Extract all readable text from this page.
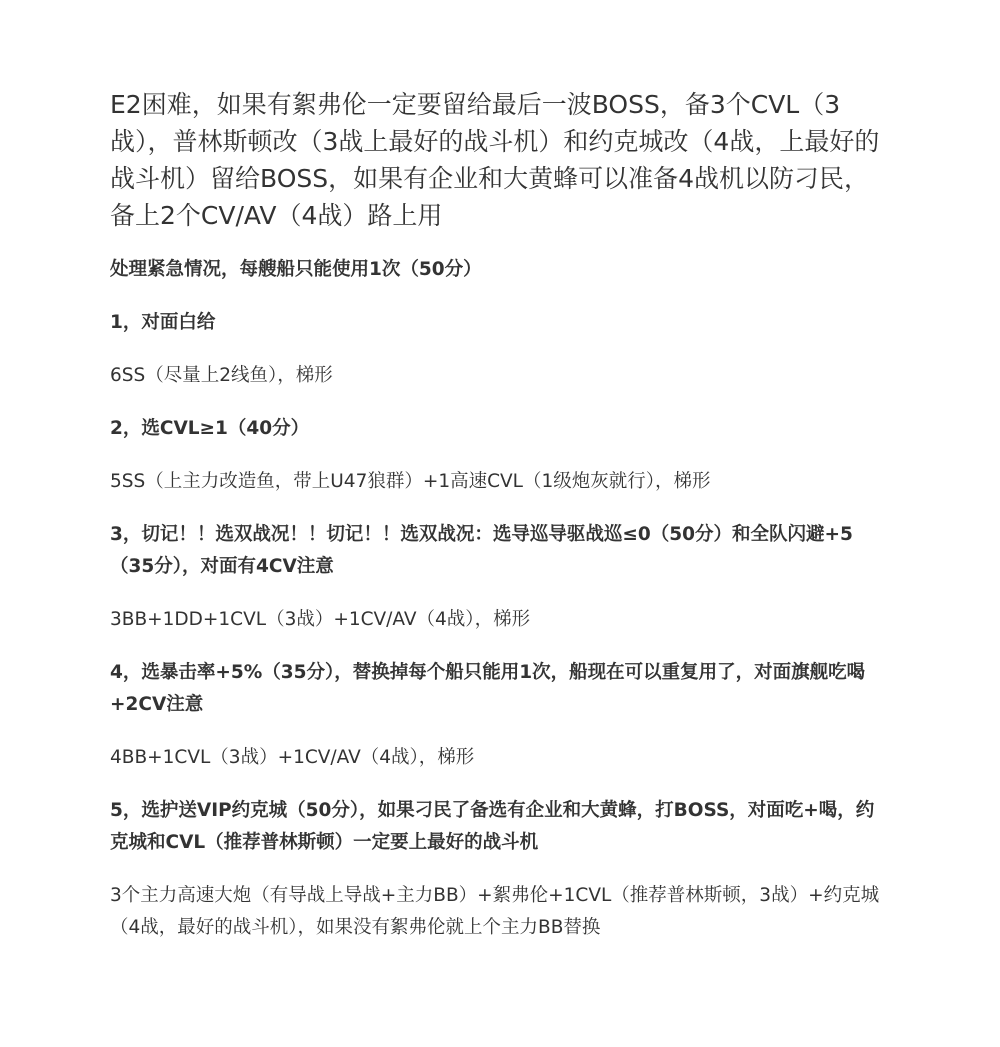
E2困难，如果有絮弗伦一定要留给最后一波BOSS，备3个CVL（3战），普林斯顿改（3战上最好的战斗机）和约克城改（4战，上最好的战斗机）留给BOSS，如果有企业和大黄蜂可以准备4战机以防刁民，备上2个CV/AV（4战）路上用

处理紧急情况，每艘船只能使用1次（50分）

1，对面白给

6SS（尽量上2线鱼），梯形

2，选CVL≥1（40分）

5SS（上主力改造鱼，带上U47狼群）+1高速CVL（1级炮灰就行），梯形

3，切记！！选双战况！！切记！！选双战况：选导巡导驱战巡≤0（50分）和全队闪避+5（35分），对面有4CV注意

3BB+1DD+1CVL（3战）+1CV/AV（4战），梯形

4，选暴击率+5%（35分），替换掉每个船只能用1次，船现在可以重复用了，对面旗舰吃喝+2CV注意

4BB+1CVL（3战）+1CV/AV（4战），梯形

5，选护送VIP约克城（50分），如果刁民了备选有企业和大黄蜂，打BOSS，对面吃+喝，约克城和CVL（推荐普林斯顿）一定要上最好的战斗机

3个主力高速大炮（有导战上导战+主力BB）+絮弗伦+1CVL（推荐普林斯顿，3战）+约克城（4战，最好的战斗机），如果没有絮弗伦就上个主力BB替换
